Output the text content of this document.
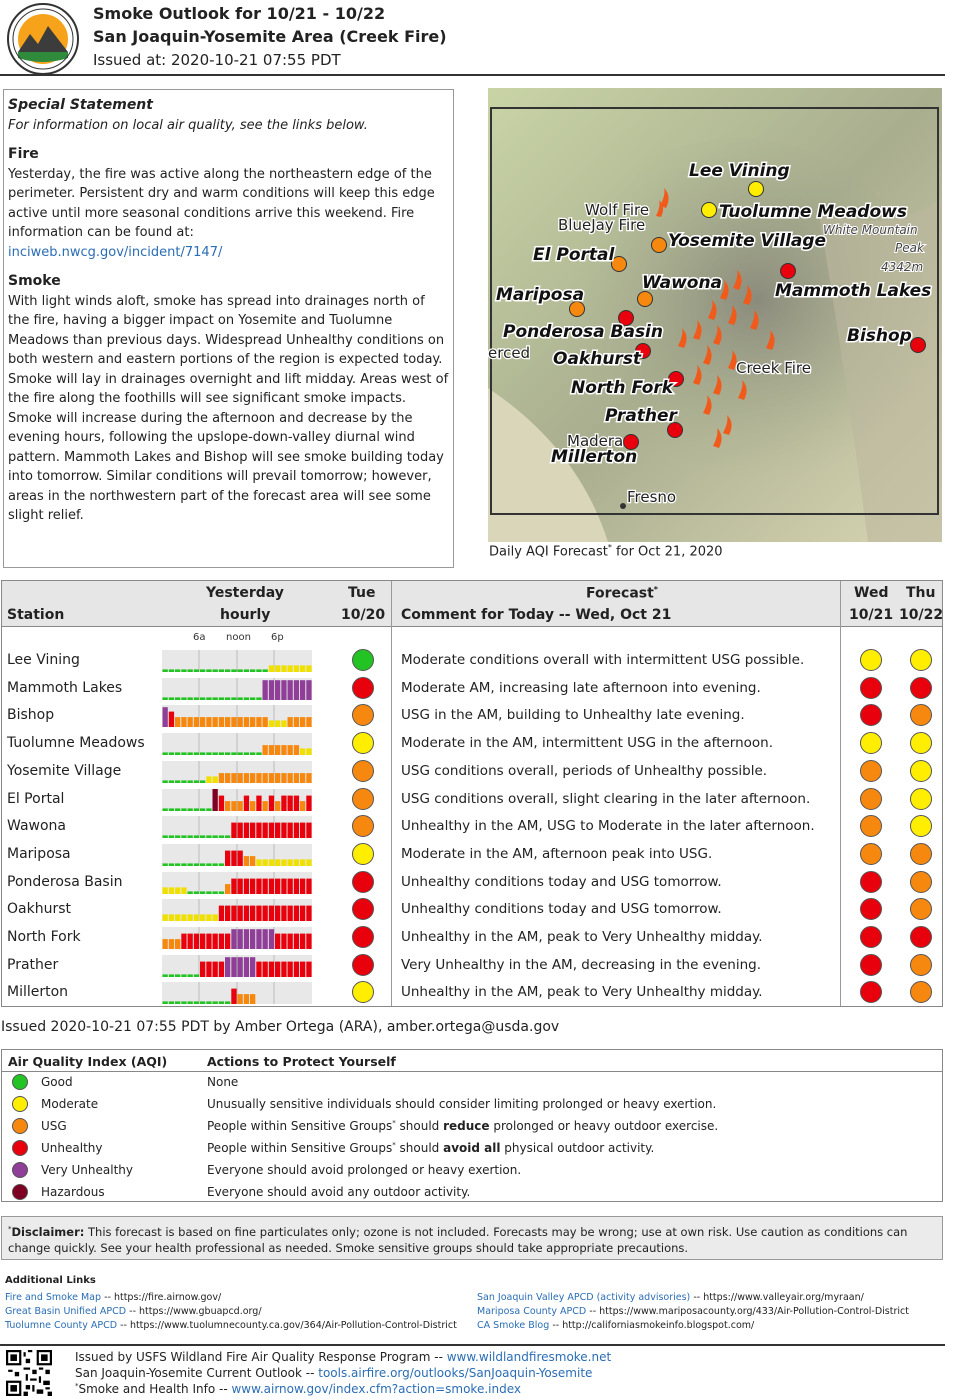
Smoke Outlook for 10/21 - 10/22
San Joaquin-Yosemite Area (Creek Fire)
Issued at: 2020-10-21 07:55 PDT
Special Statement
For information on local air quality, see the links below.
Fire
Yesterday, the fire was active along the northeastern edge of the perimeter. Persistent dry and warm conditions will keep this edge active until more seasonal conditions arrive this weekend. Fire information can be found at:
inciweb.nwcg.gov/incident/7147/
Smoke
With light winds aloft, smoke has spread into drainages north of the fire, having a bigger impact on Yosemite and Tuolumne Meadows than previous days. Widespread Unhealthy conditions on both western and eastern portions of the region is expected today. Smoke will lay in drainages overnight and lift midday. Areas west of the fire along the foothills will see significant smoke impacts. Smoke will increase during the afternoon and decrease by the evening hours, following the upslope-down-valley diurnal wind pattern. Mammoth Lakes and Bishop will see smoke building today into tomorrow. Similar conditions will prevail tomorrow; however, areas in the northwestern part of the forecast area will see some slight relief.
Lee Vining
Wolf Fire
BlueJay Fire
Tuolumne Meadows
White Mountain
Peak
4342m
El Portal
Yosemite Village
Mariposa
Wawona	Mammoth Lakes
Ponderosa Basin	Bishop
erced Oakhurst	Creek Fire
North Fork
Prather
Madera
Millerton
Fresno
Daily AQI Forecast* for Oct 21, 2020
Station
Yesterday
hourly
Tue
10/20
Forecast*
Comment for Today -- Wed, Oct 21
Wed
10/21
Thu
10/22
6a noon 6p
Lee Vining	Moderate conditions overall with intermittent USG possible.
Mammoth Lakes	Moderate AM, increasing late afternoon into evening.
Bishop	USG in the AM, building to Unhealthy late evening.
Tuolumne Meadows	Moderate in the AM, intermittent USG in the afternoon.
Yosemite Village	USG conditions overall, periods of Unhealthy possible.
El Portal	USG conditions overall, slight clearing in the later afternoon.
Wawona	Unhealthy in the AM, USG to Moderate in the later afternoon.
Mariposa	Moderate in the AM, afternoon peak into USG.
Ponderosa Basin	Unhealthy conditions today and USG tomorrow.
Oakhurst	Unhealthy conditions today and USG tomorrow.
North Fork	Unhealthy in the AM, peak to Very Unhealthy midday.
Prather	Very Unhealthy in the AM, decreasing in the evening.
Millerton	Unhealthy in the AM, peak to Very Unhealthy midday.
Issued 2020-10-21 07:55 PDT by Amber Ortega (ARA), amber.ortega@usda.gov
Air Quality Index (AQI)	Actions to Protect Yourself
Good	None
Moderate	Unusually sensitive individuals should consider limiting prolonged or heavy exertion.
USG	People within Sensitive Groups* should reduce prolonged or heavy outdoor exercise.
Unhealthy	People within Sensitive Groups* should avoid all physical outdoor activity.
Very Unhealthy	Everyone should avoid prolonged or heavy exertion.
Hazardous	Everyone should avoid any outdoor activity.
*Disclaimer: This forecast is based on fine particulates only; ozone is not included. Forecasts may be wrong; use at own risk. Use caution as conditions can change quickly. See your health professional as needed. Smoke sensitive groups should take appropriate precautions.
Additional Links
Fire and Smoke Map -- https://fire.airnow.gov/
Great Basin Unified APCD -- https://www.gbuapcd.org/
Tuolumne County APCD -- https://www.tuolumnecounty.ca.gov/364/Air-Pollution-Control-District
San Joaquin Valley APCD (activity advisories) -- https://www.valleyair.org/myraan/
Mariposa County APCD -- https://www.mariposacounty.org/433/Air-Pollution-Control-District
CA Smoke Blog -- http://californiasmokeinfo.blogspot.com/
Issued by USFS Wildland Fire Air Quality Response Program -- www.wildlandfiresmoke.net
San Joaquin-Yosemite Current Outlook -- tools.airfire.org/outlooks/SanJoaquin-Yosemite
*Smoke and Health Info -- www.airnow.gov/index.cfm?action=smoke.index
